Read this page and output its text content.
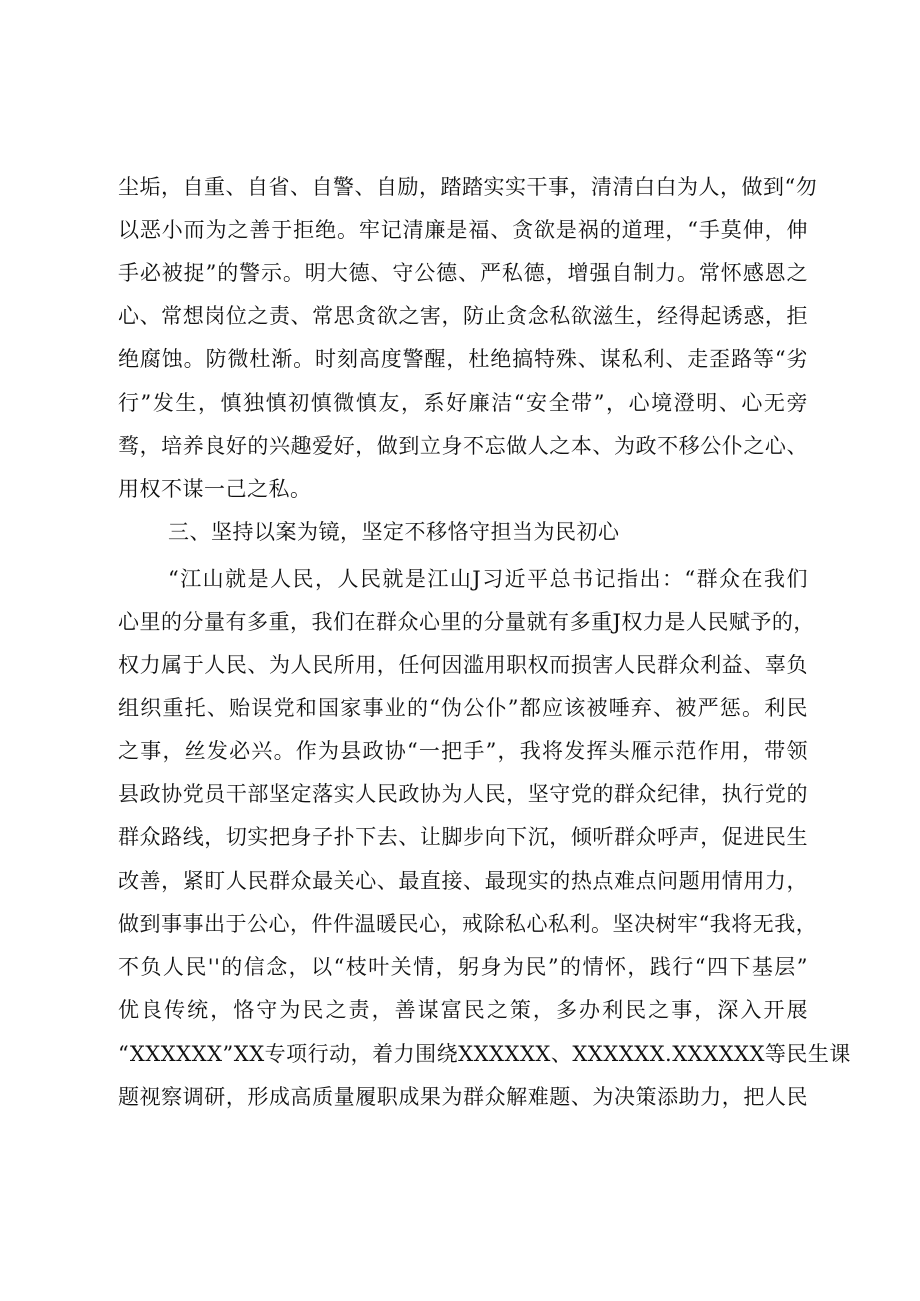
尘垢，自重、自省、自警、自励，踏踏实实干事，清清白白为人，做到“勿
以恶小而为之善于拒绝。牢记清廉是福、贪欲是祸的道理，“手莫伸，伸
手必被捉”的警示。明大德、守公德、严私德，增强自制力。常怀感恩之
心、常想岗位之责、常思贪欲之害，防止贪念私欲滋生，经得起诱惑，拒
绝腐蚀。防微杜渐。时刻高度警醒，杜绝搞特殊、谋私利、走歪路等“劣
行”发生，慎独慎初慎微慎友，系好廉洁“安全带”，心境澄明、心无旁
骛，培养良好的兴趣爱好，做到立身不忘做人之本、为政不移公仆之心、
用权不谋一己之私。
三、坚持以案为镜，坚定不移恪守担当为民初心
“江山就是人民，人民就是江山J习近平总书记指出：“群众在我们
心里的分量有多重，我们在群众心里的分量就有多重J权力是人民赋予的，
权力属于人民、为人民所用，任何因滥用职权而损害人民群众利益、辜负
组织重托、贻误党和国家事业的“伪公仆”都应该被唾弃、被严惩。利民
之事，丝发必兴。作为县政协“一把手”，我将发挥头雁示范作用，带领
县政协党员干部坚定落实人民政协为人民，坚守党的群众纪律，执行党的
群众路线，切实把身子扑下去、让脚步向下沉，倾听群众呼声，促进民生
改善，紧盯人民群众最关心、最直接、最现实的热点难点问题用情用力，
做到事事出于公心，件件温暖民心，戒除私心私利。坚决树牢“我将无我，
不负人民''的信念，以“枝叶关情，躬身为民”的情怀，践行“四下基层”
优良传统，恪守为民之责，善谋富民之策，多办利民之事，深入开展
“XXXXXX”XX专项行动，着力围绕XXXXXX、XXXXXX.XXXXXX等民生课
题视察调研，形成高质量履职成果为群众解难题、为决策添助力，把人民
